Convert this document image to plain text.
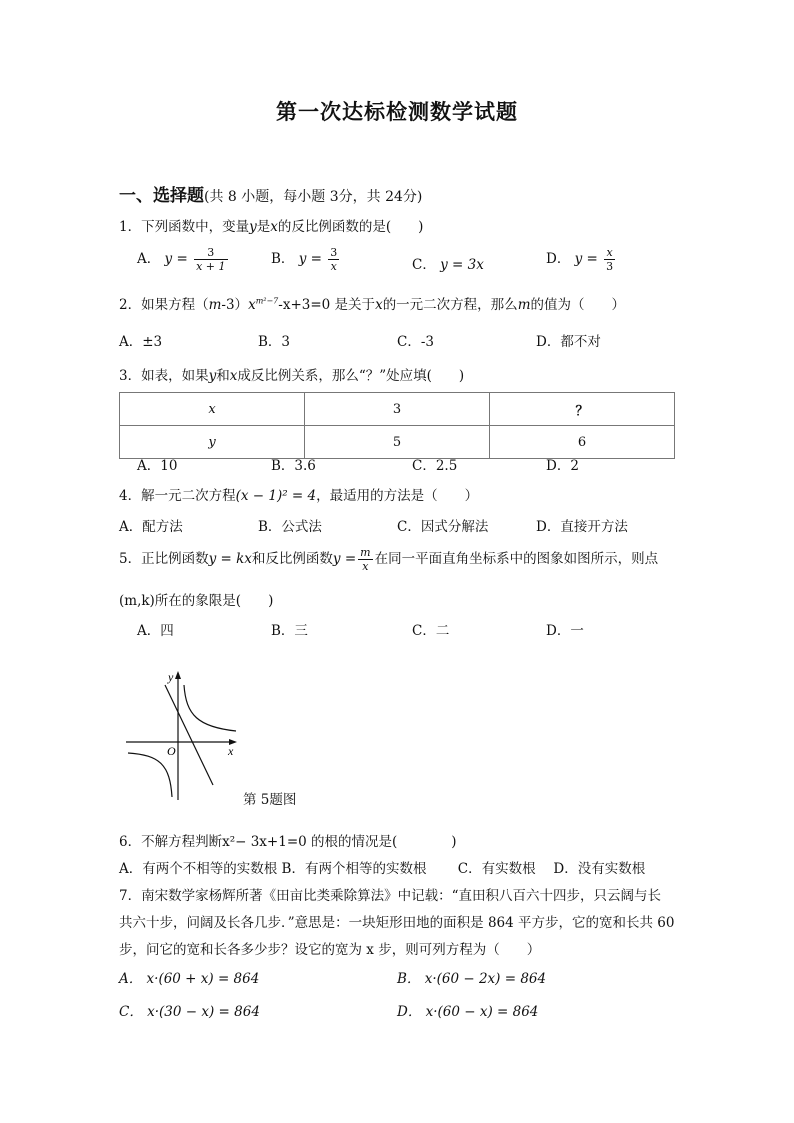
第一次达标检测数学试题
一、选择题(共 8 小题，每小题 3分，共 24分)
1．下列函数中，变量y是x的反比例函数的是(　　)
A． $y = \frac{3}{x + 1}$	B． $y = \frac{3}{x}$	C． y = 3x	D． $y = \frac{x}{3}$
2．如果方程$(m-3)x^{m^2-7}-x+3=0$ 是关于x的一元二次方程，那么m的值为（　　）
A．±3	B．3	C．-3	D．都不对
3．如表，如果y和x成反比例关系，那么“？”处应填(　　)
x	3	？
y	5	6
A．10	B．3.6	C．2.5	D．2
4．解一元二次方程(x − 1)² = 4，最适用的方法是（　　）
A．配方法	B．公式法	C．因式分解法	D．直接开方法
5．正比例函数y = kx和反比例函数$y = \frac{m}{x}$ 在同一平面直角坐标系中的图象如图所示，则点
(m,k)所在的象限是(　　)
A．四	B．三	C．二	D．一
y
x
O
第 5题图
6．不解方程判断x²− 3x+1=0 的根的情况是(　　　　)
A．有两个不相等的实数根 B．有两个相等的实数根　　 C．有实数根　 D．没有实数根
7．南宋数学家杨辉所著《田亩比类乘除算法》中记载：“直田积八百六十四步，只云阔与长
共六十步，问阔及长各几步．”意思是：一块矩形田地的面积是 864 平方步，它的宽和长共 60
步，问它的宽和长各多少步？设它的宽为 x 步，则可列方程为（　　）
A． x·(60 + x) = 864	B． x·(60 − 2x) = 864
C． x·(30 − x) = 864	D． x·(60 − x) = 864
